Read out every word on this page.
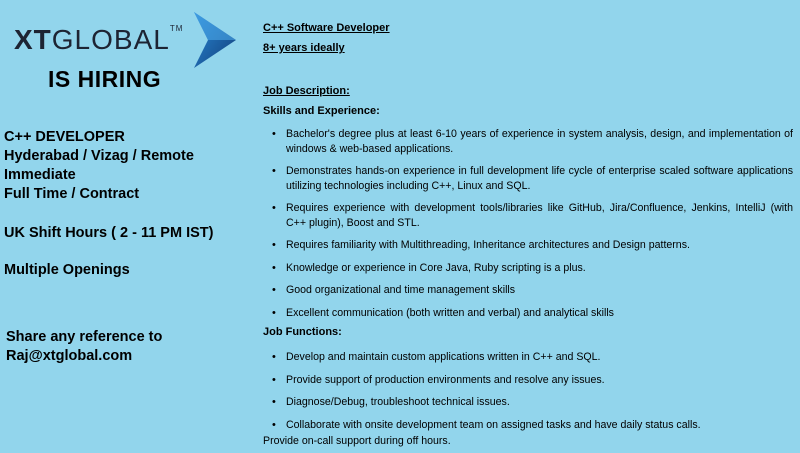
XTGLOBAL™
IS HIRING
C++ DEVELOPER
Hyderabad / Vizag / Remote
Immediate
Full Time / Contract
UK Shift Hours ( 2 - 11 PM IST)
Multiple Openings
Share any reference to
Raj@xtglobal.com

C++ Software Developer

8+ years ideally

Job Description:

Skills and Experience:

• Bachelor's degree plus at least 6-10 years of experience in system analysis, design, and implementation of windows & web-based applications.
• Demonstrates hands-on experience in full development life cycle of enterprise scaled software applications utilizing technologies including C++, Linux and SQL.
• Requires experience with development tools/libraries like GitHub, Jira/Confluence, Jenkins, IntelliJ (with C++ plugin), Boost and STL.
• Requires familiarity with Multithreading, Inheritance architectures and Design patterns.
• Knowledge or experience in Core Java, Ruby scripting is a plus.
• Good organizational and time management skills
• Excellent communication (both written and verbal) and analytical skills

Job Functions:

• Develop and maintain custom applications written in C++ and SQL.
• Provide support of production environments and resolve any issues.
• Diagnose/Debug, troubleshoot technical issues.
• Collaborate with onsite development team on assigned tasks and have daily status calls.

Provide on-call support during off hours.
